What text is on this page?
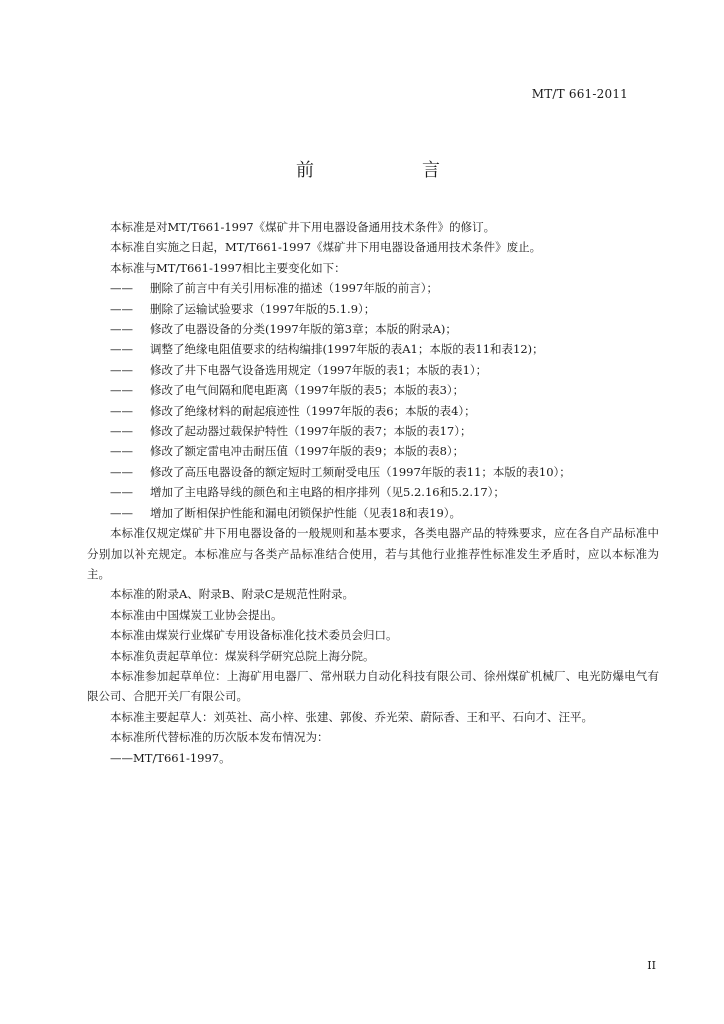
MT/T 661-2011
前　　言

本标准是对MT/T661-1997《煤矿井下用电器设备通用技术条件》的修订。

本标准自实施之日起，MT/T661-1997《煤矿井下用电器设备通用技术条件》废止。

本标准与MT/T661-1997相比主要变化如下：

—— 删除了前言中有关引用标准的描述（1997年版的前言）；

—— 删除了运输试验要求（1997年版的5.1.9）；

—— 修改了电器设备的分类(1997年版的第3章；本版的附录A)；

—— 调整了绝缘电阻值要求的结构编排(1997年版的表A1；本版的表11和表12)；

—— 修改了井下电器气设备选用规定（1997年版的表1；本版的表1）；

—— 修改了电气间隔和爬电距离（1997年版的表5；本版的表3）；

—— 修改了绝缘材料的耐起痕迹性（1997年版的表6；本版的表4）；

—— 修改了起动器过载保护特性（1997年版的表7；本版的表17）；

—— 修改了额定雷电冲击耐压值（1997年版的表9；本版的表8）；

—— 修改了高压电器设备的额定短时工频耐受电压（1997年版的表11；本版的表10）；

—— 增加了主电路导线的颜色和主电路的相序排列（见5.2.16和5.2.17）；

—— 增加了断相保护性能和漏电闭锁保护性能（见表18和表19）。

本标准仅规定煤矿井下用电器设备的一般规则和基本要求，各类电器产品的特殊要求，应在各自产品标准中分别加以补充规定。本标准应与各类产品标准结合使用，若与其他行业推荐性标准发生矛盾时，应以本标准为主。

本标准的附录A、附录B、附录C是规范性附录。

本标准由中国煤炭工业协会提出。

本标准由煤炭行业煤矿专用设备标准化技术委员会归口。

本标准负责起草单位：煤炭科学研究总院上海分院。

本标准参加起草单位：上海矿用电器厂、常州联力自动化科技有限公司、徐州煤矿机械厂、电光防爆电气有限公司、合肥开关厂有限公司。

本标准主要起草人：刘英社、高小梓、张建、郭俊、乔光荣、蔚际香、王和平、石向才、汪平。

本标准所代替标准的历次版本发布情况为：

——MT/T661-1997。

II
